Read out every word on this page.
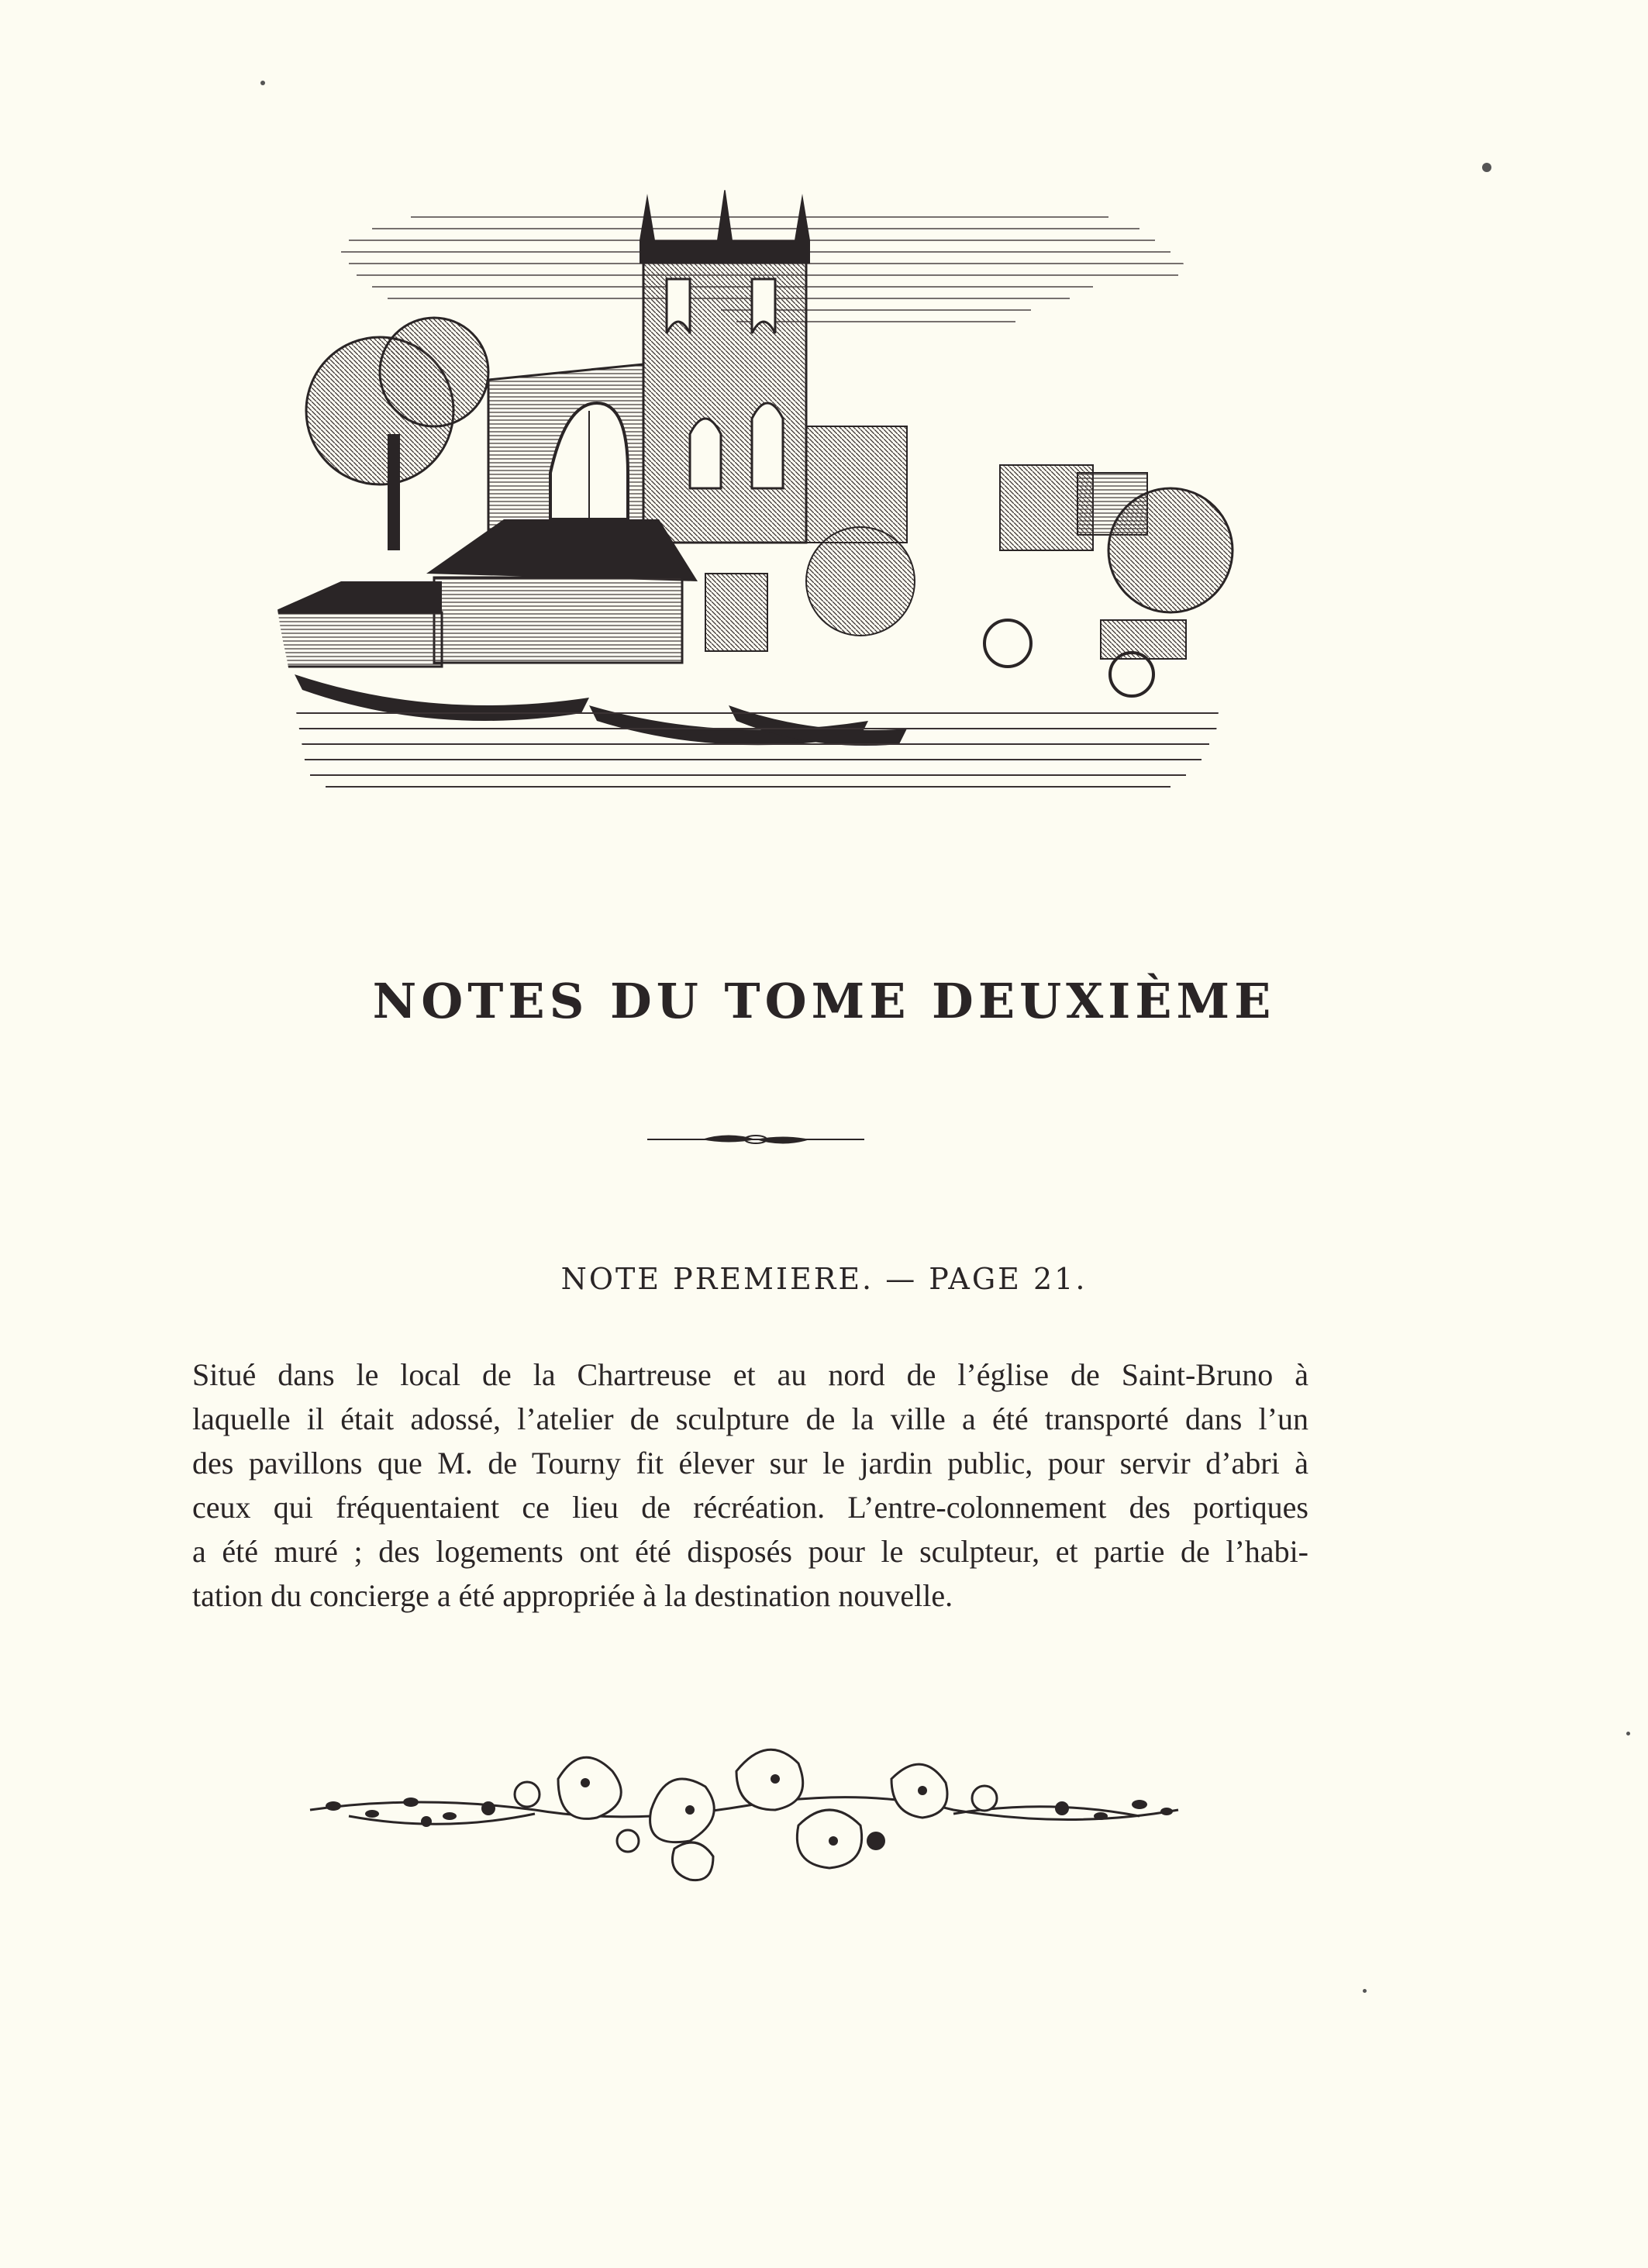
NOTES DU TOME DEUXIÈME
NOTE PREMIERE. — PAGE 21.
Situé dans le local de la Chartreuse et au nord de l’église de Saint-Bruno à
laquelle il était adossé, l’atelier de sculpture de la ville a été transporté dans l’un
des pavillons que M. de Tourny fit élever sur le jardin public, pour servir d’abri à
ceux qui fréquentaient ce lieu de récréation. L’entre-colonnement des portiques
a été muré ; des logements ont été disposés pour le sculpteur, et partie de l’habi-
tation du concierge a été appropriée à la destination nouvelle.
